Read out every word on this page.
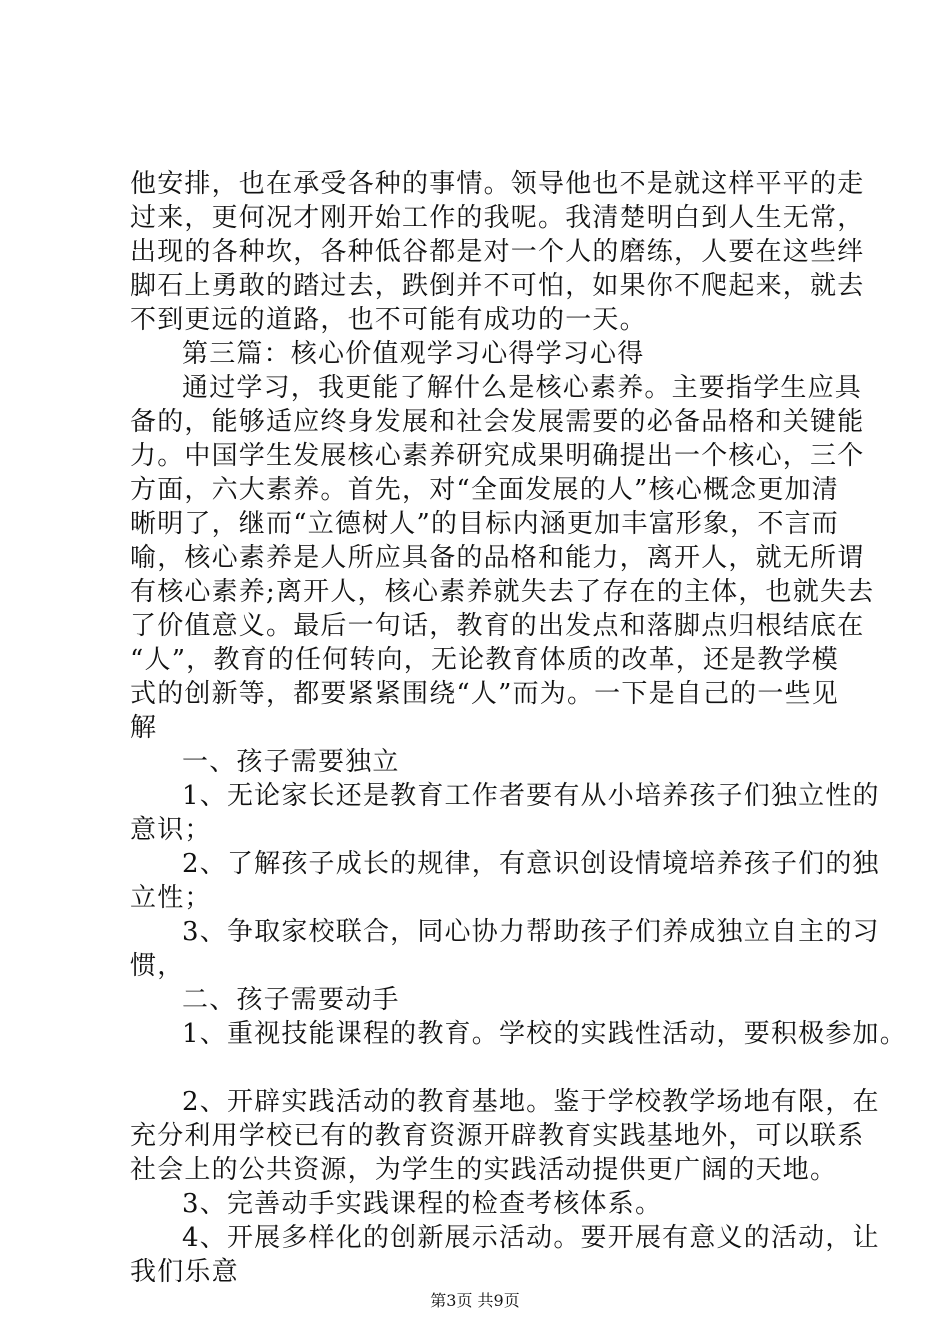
他安排，也在承受各种的事情。领导他也不是就这样平平的走
过来，更何况才刚开始工作的我呢。我清楚明白到人生无常，
出现的各种坎，各种低谷都是对一个人的磨练，人要在这些绊
脚石上勇敢的踏过去，跌倒并不可怕，如果你不爬起来，就去
不到更远的道路，也不可能有成功的一天。
第三篇：核心价值观学习心得学习心得
通过学习，我更能了解什么是核心素养。主要指学生应具
备的，能够适应终身发展和社会发展需要的必备品格和关键能
力。中国学生发展核心素养研究成果明确提出一个核心，三个
方面，六大素养。首先，对“全面发展的人”核心概念更加清
晰明了，继而“立德树人”的目标内涵更加丰富形象，不言而
喻，核心素养是人所应具备的品格和能力，离开人，就无所谓
有核心素养;离开人，核心素养就失去了存在的主体，也就失去
了价值意义。最后一句话，教育的出发点和落脚点归根结底在
“人”，教育的任何转向，无论教育体质的改革，还是教学模
式的创新等，都要紧紧围绕“人”而为。一下是自己的一些见
解
一、孩子需要独立
1、无论家长还是教育工作者要有从小培养孩子们独立性的
意识；
2、了解孩子成长的规律，有意识创设情境培养孩子们的独
立性；
3、争取家校联合，同心协力帮助孩子们养成独立自主的习
惯，
二、孩子需要动手
1、重视技能课程的教育。学校的实践性活动，要积极参加。
2、开辟实践活动的教育基地。鉴于学校教学场地有限，在
充分利用学校已有的教育资源开辟教育实践基地外，可以联系
社会上的公共资源，为学生的实践活动提供更广阔的天地。
3、完善动手实践课程的检查考核体系。
4、开展多样化的创新展示活动。要开展有意义的活动，让
我们乐意
第3页 共9页
